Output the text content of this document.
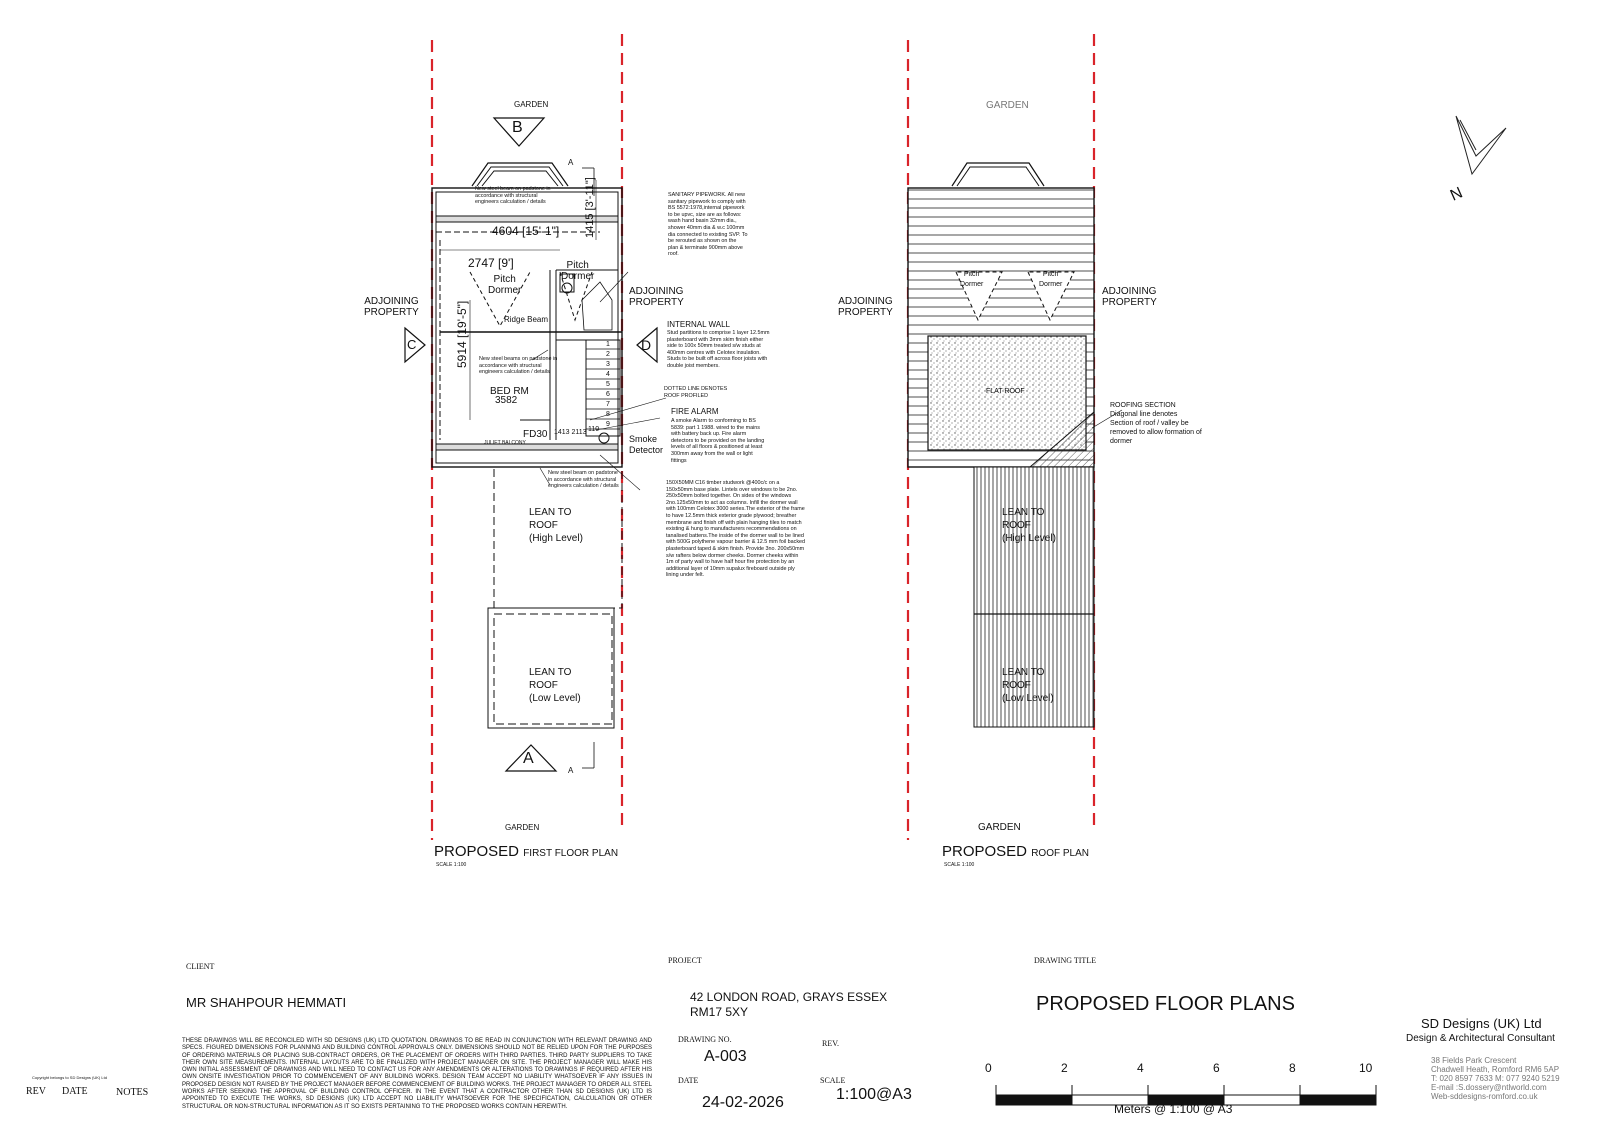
GARDEN
B
A
C	D
A
A
ADJOINING
PROPERTY
ADJOINING
PROPERTY
4604 [15'-1"]
2747 [9']
5914 [19'-5"]
1415 [3'-11"]
Pitch
Dormer
Pitch
Dormer
Ridge Beam
BED RM
3582
FD30
JULIET BALCONY
1413 2113 110
1
2
3
4
5
6
7
8
9
Smoke
Detector
New steel beam on padstone in accordance with structural engineers calculation / details
New steel beams on padstone in accordance with structural engineers calculation / details
New steel beam on padstone in accordance with structural engineers calculation / details
LEAN TO
ROOF
(High Level)
LEAN TO
ROOF
(Low Level)
GARDEN
PROPOSED FIRST FLOOR PLAN
SCALE 1:100
SANITARY PIPEWORK. All new sanitary pipework to comply with BS 5572:1978,internal pipework to be upvc, size are as follows: wash hand basin 32mm dia., shower 40mm dia & w.c 100mm dia connected to existing SVP. To be rerouted as shown on the plan & terminate 900mm above roof.
INTERNAL WALL
Stud partitions to comprise 1 layer 12.5mm plasterboard with 3mm skim finish either side to 100x 50mm treated s/w studs at 400mm centres with Celotex insulation. Studs to be built off across floor joists with double joist members.
DOTTED LINE DENOTES ROOF PROFILED
FIRE ALARM
A smoke Alarm to conforming to BS 5839: part 1 1988. wired to the mains with battery back up. Fire alarm detectors to be provided on the landing levels of all floors & positioned at least 300mm away from the wall or light fittings
150X50MM C16 timber studwork @400c/c on a 150x50mm base plate. Lintels over windows to be 2no. 250x50mm bolted together. On sides of the windows 2no.125x50mm to act as columns. Infill the dormer wall with 100mm Celotex 3000 series.The exterior of the frame to have 12.5mm thick exterior grade plywood; breather membrane and finish off with plain hanging tiles to match existing & hung to manufacturers recommendations on tanalised battens.The inside of the dormer wall to be lined with 500G polythene vapour barrier & 12.5 mm foil backed plasterboard taped & skim finish. Provide 3no. 200x50mm s/w rafters below dormer cheeks. Dormer cheeks within 1m of party wall to have half hour fire protection by an additional layer of 10mm supalux fireboard outside ply lining under felt.
GARDEN
ADJOINING
PROPERTY
ADJOINING
PROPERTY
Pitch
Dormer
Pitch
Dormer
FLAT ROOF
ROOFING SECTION
Diagonal line denotes Section of roof / valley be removed to allow formation of dormer
LEAN TO
ROOF
(High Level)
LEAN TO
ROOF
(Low Level)
GARDEN
PROPOSED ROOF PLAN
SCALE 1:100
N
CLIENT
MR SHAHPOUR HEMMATI
THESE DRAWINGS WILL BE RECONCILED WITH SD DESIGNS (UK) LTD QUOTATION. DRAWINGS TO BE READ IN CONJUNCTION WITH RELEVANT DRAWING AND SPECS. FIGURED DIMENSIONS FOR PLANNING AND BUILDING CONTROL APPROVALS ONLY. DIMENSIONS SHOULD NOT BE RELIED UPON FOR THE PURPOSES OF ORDERING MATERIALS OR PLACING SUB-CONTRACT ORDERS, OR THE PLACEMENT OF ORDERS WITH THIRD PARTIES. THIRD PARTY SUPPLIERS TO TAKE THEIR OWN SITE MEASUREMENTS. INTERNAL LAYOUTS ARE TO BE FINALIZED WITH PROJECT MANAGER ON SITE. THE PROJECT MANAGER WILL MAKE HIS OWN INITIAL ASSESSMENT OF DRAWINGS AND WILL NEED TO CONTACT US FOR ANY AMENDMENTS OR ALTERATIONS TO DRAWINGS IF REQUIRED AFTER HIS OWN ONSITE INVESTIGATION PRIOR TO COMMENCEMENT OF ANY BUILDING WORKS. DESIGN TEAM ACCEPT NO LIABILITY WHATSOEVER IF ANY ISSUES IN PROPOSED DESIGN NOT RAISED BY THE PROJECT MANAGER BEFORE COMMENCEMENT OF BUILDING WORKS. THE PROJECT MANAGER TO ORDER ALL STEEL WORKS AFTER SEEKING THE APPROVAL OF BUILDING CONTROL OFFICER. IN THE EVENT THAT A CONTRACTOR OTHER THAN SD DESIGNS (UK) LTD IS APPOINTED TO EXECUTE THE WORKS, SD DESIGNS (UK) LTD ACCEPT NO LIABILITY WHATSOEVER FOR THE SPECIFICATION, CALCULATION OR OTHER STRUCTURAL OR NON-STRUCTURAL INFORMATION AS IT SO EXISTS PERTAINING TO THE PROPOSED WORKS CONTAIN HEREWITH.
PROJECT
42 LONDON ROAD, GRAYS ESSEX
RM17 5XY
DRAWING NO.
A-003
REV.
DATE
24-02-2026
SCALE
1:100@A3
DRAWING TITLE
PROPOSED FLOOR PLANS
Copyright belongs to SD Designs (UK) Ltd
REV DATE	NOTES
0	2	4	6	8	10
Meters @ 1:100 @ A3
SD Designs (UK) Ltd
Design & Architectural Consultant
38 Fields Park Crescent
Chadwell Heath, Romford RM6 5AP
T: 020 8597 7633 M: 077 9240 5219
E-mail :S.dossery@ntlworld.com
Web-sddesigns-romford.co.uk
